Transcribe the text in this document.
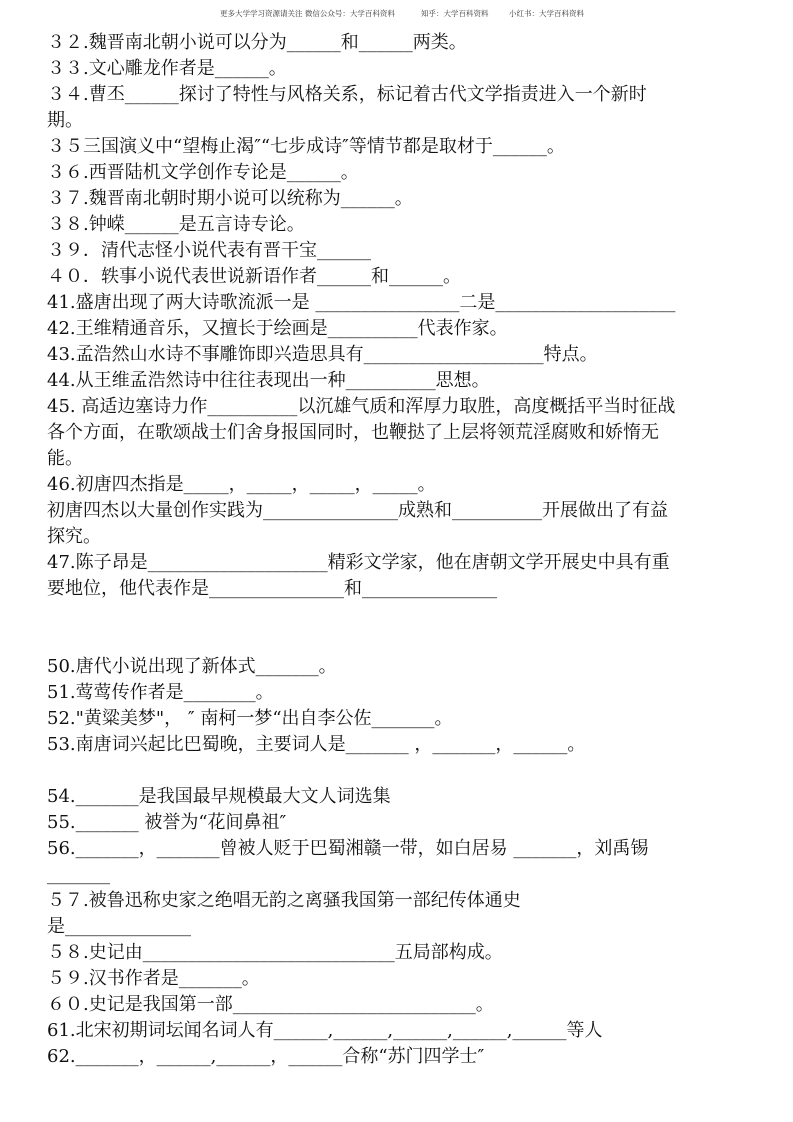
更多大学学习资源请关注 微信公众号：大学百科资料	知乎：大学百科资料	小红书：大学百科资料
３２.魏晋南北朝小说可以分为______和______两类。
３３.文心雕龙作者是______。
３４.曹丕______探讨了特性与风格关系，标记着古代文学指责进入一个新时
期。
３５三国演义中“望梅止渴″“七步成诗″等情节都是取材于______。
３６.西晋陆机文学创作专论是______。
３７.魏晋南北朝时期小说可以统称为______。
３８.钟嵘______是五言诗专论。
３９．清代志怪小说代表有晋干宝______
４０．轶事小说代表世说新语作者______和______。
41.盛唐出现了两大诗歌流派一是 ________________二是____________________
42.王维精通音乐，又擅长于绘画是__________代表作家。
43.孟浩然山水诗不事雕饰即兴造思具有____________________特点。
44.从王维孟浩然诗中往往表现出一种__________思想。
45. 高适边塞诗力作__________以沉雄气质和浑厚力取胜，高度概括平当时征战
各个方面，在歌颂战士们舍身报国同时，也鞭挞了上层将领荒淫腐败和娇惰无
能。
46.初唐四杰指是_____，_____，_____，_____。
初唐四杰以大量创作实践为_______________成熟和__________开展做出了有益
探究。
47.陈子昂是____________________精彩文学家，他在唐朝文学开展史中具有重
要地位，他代表作是_______________和_______________
50.唐代小说出现了新体式_______。
51.莺莺传作者是________。
52."黄粱美梦"， ″ 南柯一梦“出自李公佐_______。
53.南唐词兴起比巴蜀晚，主要词人是_______ ，_______，______。
54._______是我国最早规模最大文人词选集
55._______ 被誉为“花间鼻祖″
56._______，_______曾被人贬于巴蜀湘赣一带，如白居易 _______，刘禹锡
_______
５７.被鲁迅称史家之绝唱无韵之离骚我国第一部纪传体通史
是______________
５８.史记由____________________________五局部构成。
５９.汉书作者是_______。
６０.史记是我国第一部___________________________。
61.北宋初期词坛闻名词人有______,______,______,______,______等人
62._______，______,______，______合称“苏门四学士″
